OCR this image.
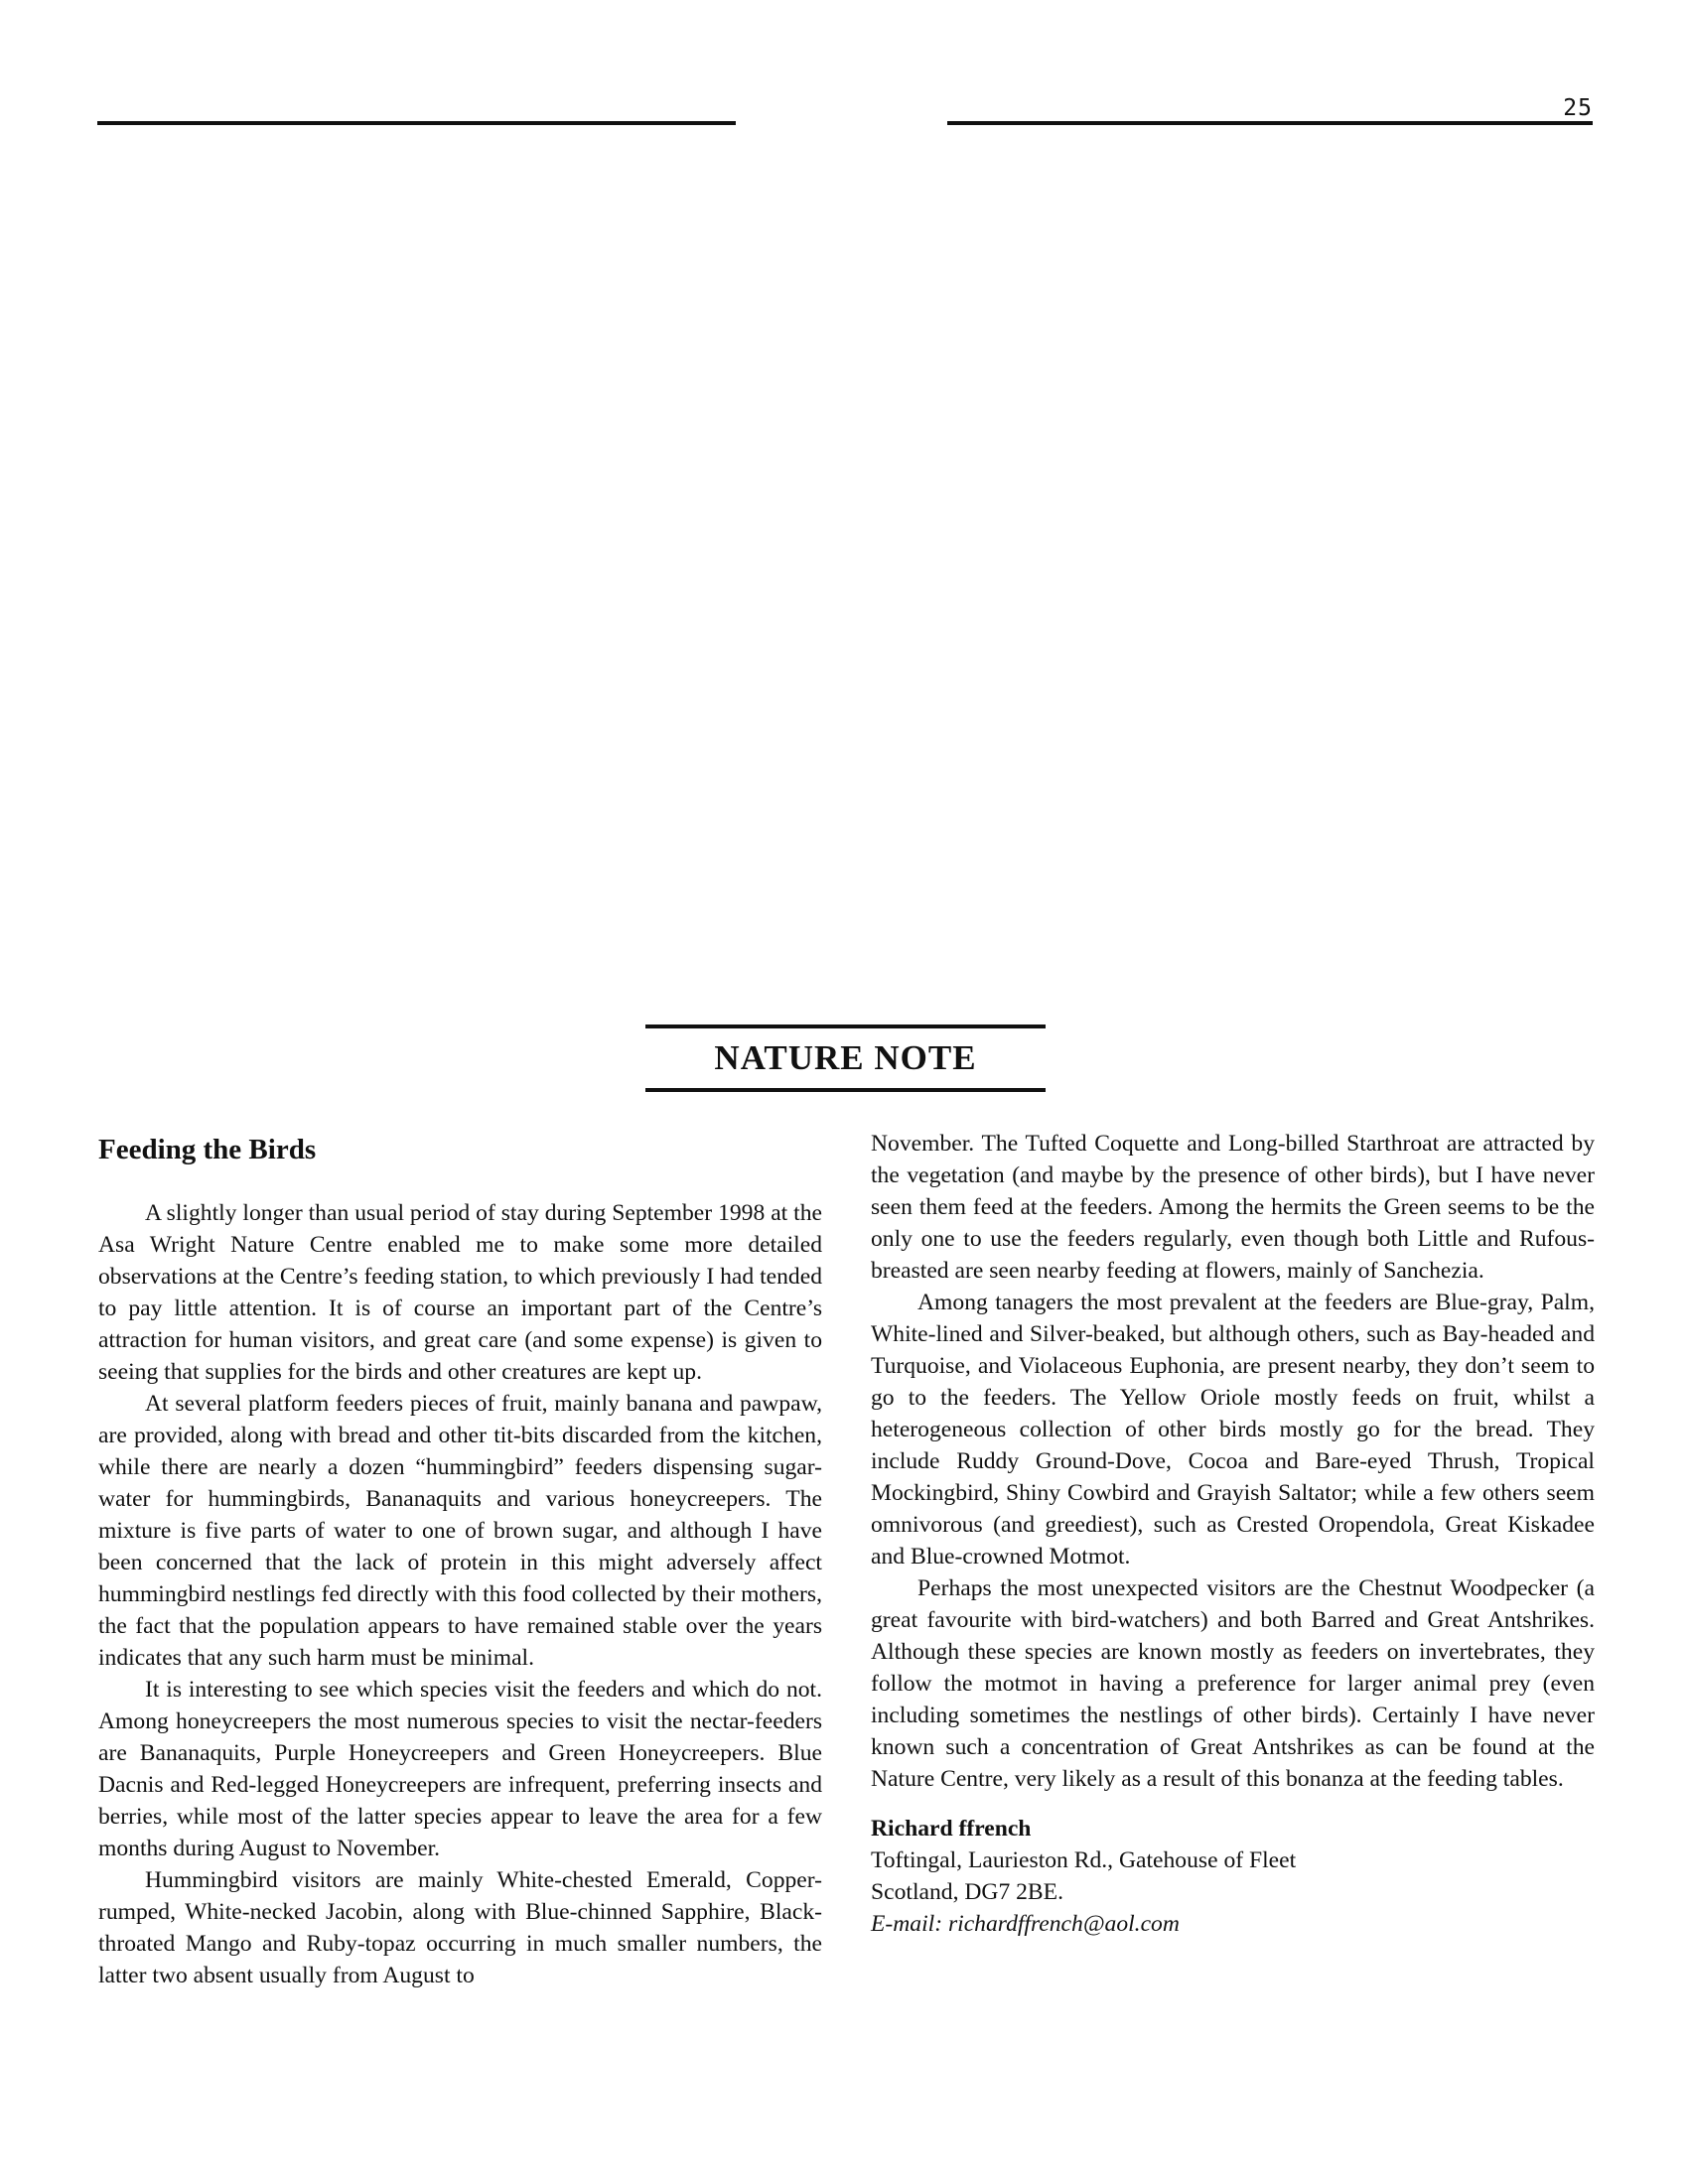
25
NATURE NOTE
Feeding the Birds

A slightly longer than usual period of stay during September 1998 at the Asa Wright Nature Centre enabled me to make some more detailed observations at the Centre’s feeding station, to which previously I had tended to pay little attention. It is of course an important part of the Centre’s attraction for human visitors, and great care (and some expense) is given to seeing that supplies for the birds and other creatures are kept up.

At several platform feeders pieces of fruit, mainly banana and pawpaw, are provided, along with bread and other tit-bits discarded from the kitchen, while there are nearly a dozen “hummingbird” feeders dispensing sugar-water for hummingbirds, Bananaquits and various honeycreepers. The mixture is five parts of water to one of brown sugar, and although I have been concerned that the lack of protein in this might adversely affect hummingbird nestlings fed directly with this food collected by their mothers, the fact that the population appears to have remained stable over the years indicates that any such harm must be minimal.

It is interesting to see which species visit the feeders and which do not. Among honeycreepers the most numerous species to visit the nectar-feeders are Bananaquits, Purple Honeycreepers and Green Honeycreepers. Blue Dacnis and Red-legged Honeycreepers are infrequent, preferring insects and berries, while most of the latter species appear to leave the area for a few months during August to November.

Hummingbird visitors are mainly White-chested Emerald, Copper-rumped, White-necked Jacobin, along with Blue-chinned Sapphire, Black-throated Mango and Ruby-topaz occurring in much smaller numbers, the latter two absent usually from August to

November. The Tufted Coquette and Long-billed Starthroat are attracted by the vegetation (and maybe by the presence of other birds), but I have never seen them feed at the feeders. Among the hermits the Green seems to be the only one to use the feeders regularly, even though both Little and Rufous-breasted are seen nearby feeding at flowers, mainly of Sanchezia.

Among tanagers the most prevalent at the feeders are Blue-gray, Palm, White-lined and Silver-beaked, but although others, such as Bay-headed and Turquoise, and Violaceous Euphonia, are present nearby, they don’t seem to go to the feeders. The Yellow Oriole mostly feeds on fruit, whilst a heterogeneous collection of other birds mostly go for the bread. They include Ruddy Ground-Dove, Cocoa and Bare-eyed Thrush, Tropical Mockingbird, Shiny Cowbird and Grayish Saltator; while a few others seem omnivorous (and greediest), such as Crested Oropendola, Great Kiskadee and Blue-crowned Motmot.

Perhaps the most unexpected visitors are the Chestnut Woodpecker (a great favourite with bird-watchers) and both Barred and Great Antshrikes. Although these species are known mostly as feeders on invertebrates, they follow the motmot in having a preference for larger animal prey (even including sometimes the nestlings of other birds). Certainly I have never known such a concentration of Great Antshrikes as can be found at the Nature Centre, very likely as a result of this bonanza at the feeding tables.

Richard ffrench
Toftingal, Laurieston Rd., Gatehouse of Fleet
Scotland, DG7 2BE.
E-mail: richardffrench@aol.com
